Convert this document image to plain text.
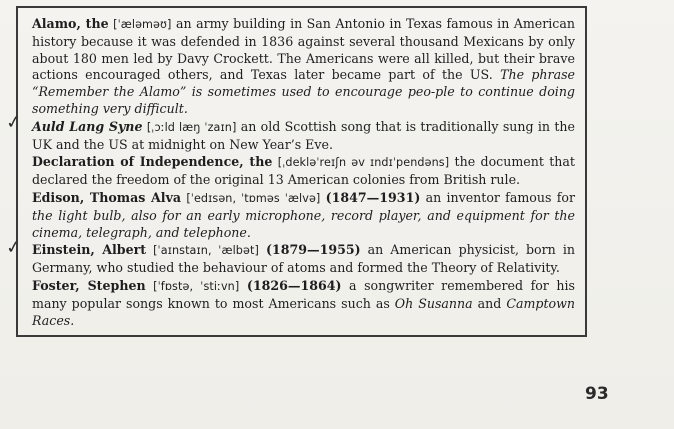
Alamo, the [ˈæləməʊ] an army building in San Antonio in Texas famous in American history because it was defended in 1836 against several thousand Mexicans by only about 180 men led by Davy Crockett. The Americans were all killed, but their brave actions encouraged others, and Texas later became part of the US. The phrase “Remember the Alamo” is sometimes used to encourage peo-ple to continue doing something very difficult.

Auld Lang Syne [ˌɔːld læŋ ˈzaɪn] an old Scottish song that is traditionally sung in the UK and the US at midnight on New Year’s Eve.

Declaration of Independence, the [ˌdekləˈreɪʃn əv ɪndɪˈpendəns] the document that declared the freedom of the original 13 American colonies from British rule.

Edison, Thomas Alva [ˈedɪsən, ˈtɒməs ˈælvə] (1847—1931) an inventor famous for the light bulb, also for an early microphone, record player, and equipment for the cinema, telegraph, and telephone.

Einstein, Albert [ˈaɪnstaɪn, ˈælbət] (1879—1955) an American physicist, born in Germany, who studied the behaviour of atoms and formed the Theory of Relativity.

Foster, Stephen [ˈfɒstə, ˈstiːvn] (1826—1864) a songwriter remembered for his many popular songs known to most Americans such as Oh Susanna and Camptown Races.

✓
✓
93
